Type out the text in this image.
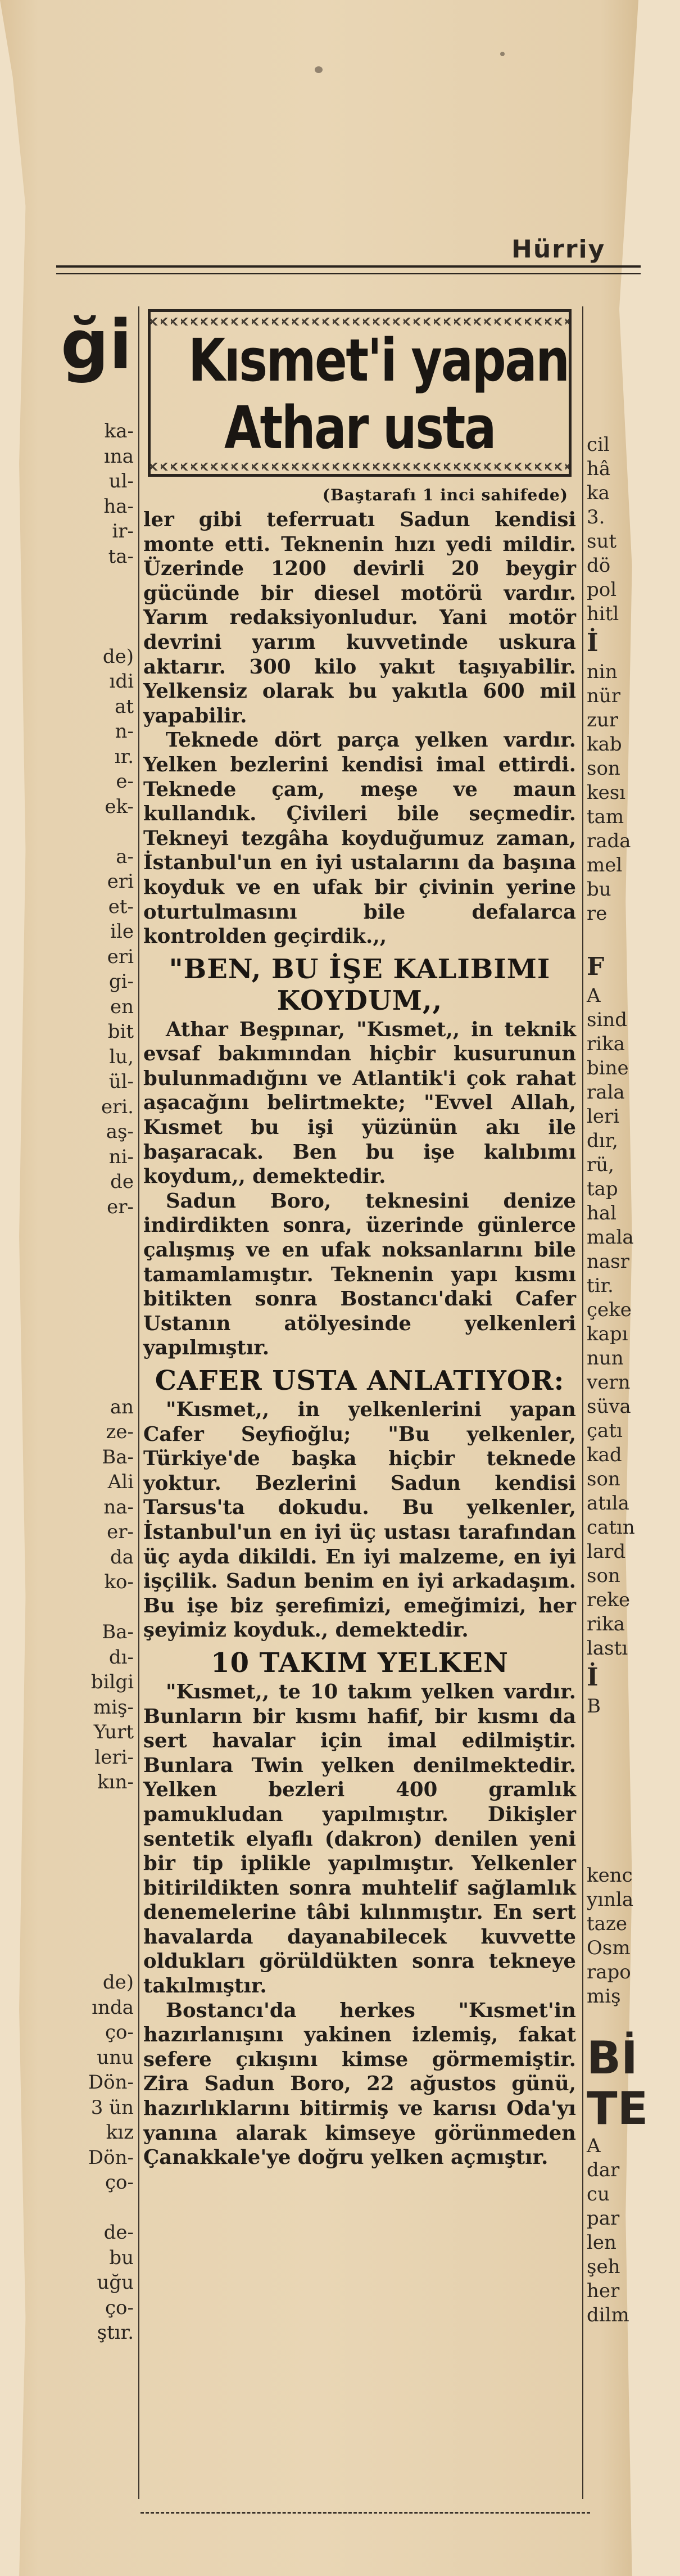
Hürriy
ği
ka-
ına
ul-
ha-
ir-
ta-

de)
ıdi
at
n-
ır.
e-
ek-

a-
eri
et-
ile
eri
gi-
en
bit
lu,
ül-
eri.
aş-
ni-
de
er-

an
ze-
Ba-
Ali
na-
er-
da
ko-

Ba-
dı-
bilgi
miş-
Yurt
leri-
kın-

de)
ında
ço-
unu
Dön-
3 ün
kız
Dön-
ço-

de-
bu
uğu
ço-
ştır.
cil
hâ
ka
3.
sut
dö
pol
hitl
İ
nin
nür
zur
kab
son
kesı
tam
rada
mel
bu
re

F
A
sind
rika
bine
rala
leri
dır,
rü,
tap
hal
mala
nasr
tir.
çeke
kapı
nun
vern
süva
çatı
kad
son
atıla
catın
lard
son
reke
rika
lastı
İ
B

kenc
yınla
taze
Osm
rapo
miş

Bİ
TE
A
dar
cu
par
len
şeh
her
dilm
Kısmet'i yapan
Athar usta
(Baştarafı 1 inci sahifede)

ler gibi teferruatı Sadun kendisi monte etti. Teknenin hızı yedi mildir. Üzerinde 1200 devirli 20 beygir gücünde bir diesel motörü vardır. Yarım redaksiyonludur. Yani motör devrini yarım kuvvetinde uskura aktarır. 300 kilo yakıt taşıyabilir. Yelkensiz olarak bu yakıtla 600 mil yapabilir.

Teknede dört parça yelken vardır. Yelken bezlerini kendisi imal ettirdi. Teknede çam, meşe ve maun kullandık. Çivileri bile seçmedir. Tekneyi tezgâha koyduğumuz zaman, İstanbul'un en iyi ustalarını da başına koyduk ve en ufak bir çivinin yerine oturtulmasını bile defalarca kontrolden geçirdik.,,

"BEN, BU İŞE KALIBIMI KOYDUM,,

Athar Beşpınar, "Kısmet,, in teknik evsaf bakımından hiçbir kusurunun bulunmadığını ve Atlantik'i çok rahat aşacağını belirtmekte; "Evvel Allah, Kısmet bu işi yüzünün akı ile başaracak. Ben bu işe kalıbımı koydum,, demektedir.

Sadun Boro, teknesini denize indirdikten sonra, üzerinde günlerce çalışmış ve en ufak noksanlarını bile tamamlamıştır. Teknenin yapı kısmı bitikten sonra Bostancı'daki Cafer Ustanın atölyesinde yelkenleri yapılmıştır.

CAFER USTA ANLATIYOR:

"Kısmet,, in yelkenlerini yapan Cafer Seyfioğlu; "Bu yelkenler, Türkiye'de başka hiçbir teknede yoktur. Bezlerini Sadun kendisi Tarsus'ta dokudu. Bu yelkenler, İstanbul'un en iyi üç ustası tarafından üç ayda dikildi. En iyi malzeme, en iyi işçilik. Sadun benim en iyi arkadaşım. Bu işe biz şerefimizi, emeğimizi, her şeyimiz koyduk., demektedir.

10 TAKIM YELKEN

"Kısmet,, te 10 takım yelken vardır. Bunların bir kısmı hafif, bir kısmı da sert havalar için imal edilmiştir. Bunlara Twin yelken denilmektedir. Yelken bezleri 400 gramlık pamukludan yapılmıştır. Dikişler sentetik elyaflı (dakron) denilen yeni bir tip iplikle yapılmıştır. Yelkenler bitirildikten sonra muhtelif sağlamlık denemelerine tâbi kılınmıştır. En sert havalarda dayanabilecek kuvvette oldukları görüldükten sonra tekneye takılmıştır.

Bostancı'da herkes "Kısmet'in hazırlanışını yakinen izlemiş, fakat sefere çıkışını kimse görmemiştir. Zira Sadun Boro, 22 ağustos günü, hazırlıklarını bitirmiş ve karısı Oda'yı yanına alarak kimseye görünmeden Çanakkale'ye doğru yelken açmıştır.
